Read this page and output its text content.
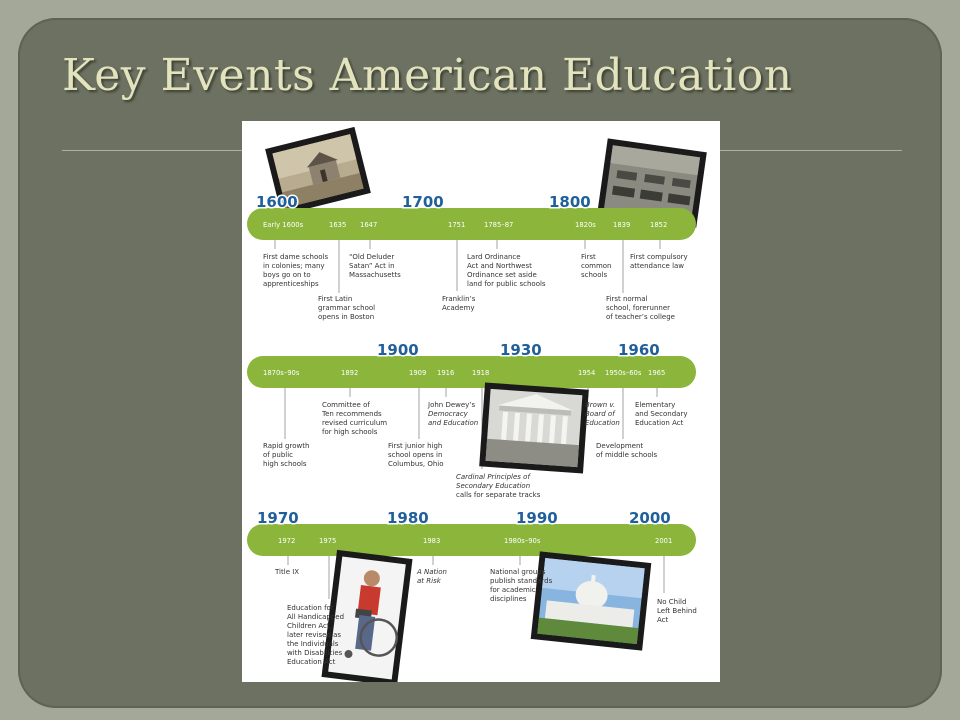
Key Events American Education
1600	1700	1800
Early 1600s	1635 1647	1751	1785–87	1820s	1839	1852
First dame schools in colonies; many boys go on to apprenticeships
First Latin grammar school opens in Boston
“Old Deluder Satan” Act in Massachusetts
Franklin’s Academy
Lard Ordinance Act and Northwest Ordinance set aside land for public schools
First common schools
First normal school, forerunner of teacher’s college
First compulsory attendance law
1900	1930	1960
1870s–90s	1892	1909 1916	1918	1954 1950s–60s 1965
Rapid growth of public high schools
Committee of Ten recommends revised curriculum for high schools
First junior high school opens in Columbus, Ohio
John Dewey’s Democracy and Education
Cardinal Principles of Secondary Education calls for separate tracks
Brown v. Board of Education
Development of middle schools
Elementary and Secondary Education Act
1970	1980	1990	2000
1972	1975	1983	1980s–90s	2001
Title IX
Education for All Handicapped Children Act, later revised as the Individuals with Disabilities Education Act
A Nation at Risk
National groups publish standards for academic disciplines	No Child Left Behind Act
